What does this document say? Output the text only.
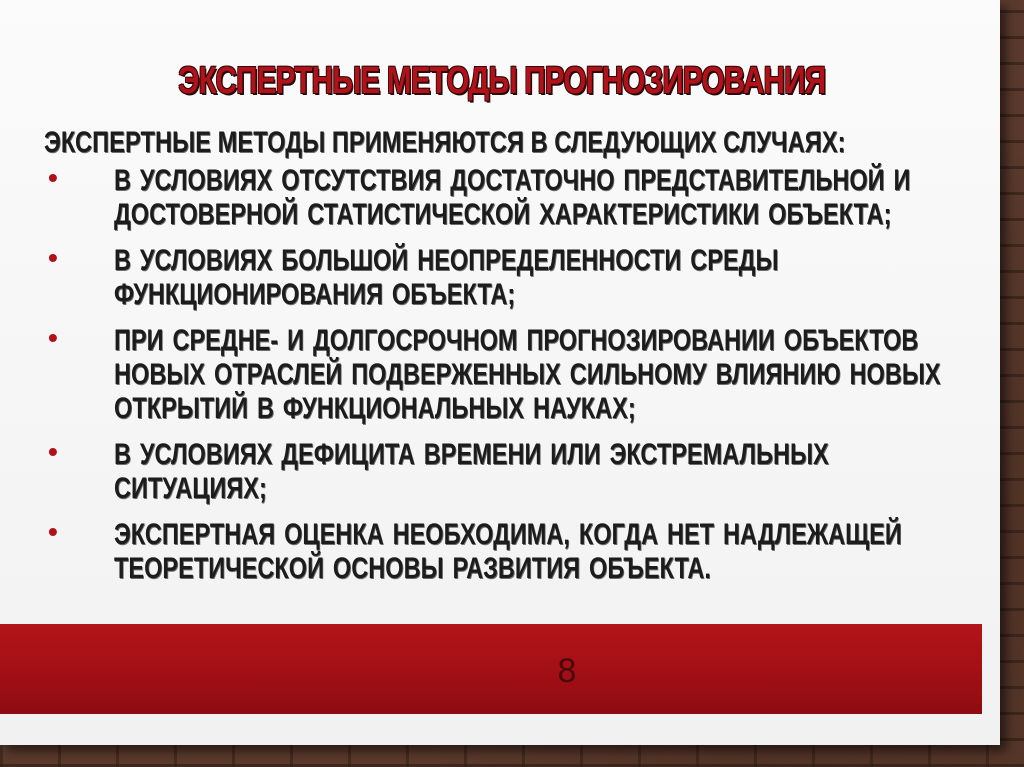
ЭКСПЕРТНЫЕ МЕТОДЫ ПРОГНОЗИРОВАНИЯ

ЭКСПЕРТНЫЕ МЕТОДЫ ПРИМЕНЯЮТСЯ В СЛЕДУЮЩИХ СЛУЧАЯХ:

• В УСЛОВИЯХ ОТСУТСТВИЯ ДОСТАТОЧНО ПРЕДСТАВИТЕЛЬНОЙ И ДОСТОВЕРНОЙ СТАТИСТИЧЕСКОЙ ХАРАКТЕРИСТИКИ ОБЪЕКТА;
• В УСЛОВИЯХ БОЛЬШОЙ НЕОПРЕДЕЛЕННОСТИ СРЕДЫ ФУНКЦИОНИРОВАНИЯ ОБЪЕКТА;
• ПРИ СРЕДНЕ- И ДОЛГОСРОЧНОМ ПРОГНОЗИРОВАНИИ ОБЪЕКТОВ НОВЫХ ОТРАСЛЕЙ ПОДВЕРЖЕННЫХ СИЛЬНОМУ ВЛИЯНИЮ НОВЫХ ОТКРЫТИЙ В ФУНКЦИОНАЛЬНЫХ НАУКАХ;
• В УСЛОВИЯХ ДЕФИЦИТА ВРЕМЕНИ ИЛИ ЭКСТРЕМАЛЬНЫХ СИТУАЦИЯХ;
• ЭКСПЕРТНАЯ ОЦЕНКА НЕОБХОДИМА, КОГДА НЕТ НАДЛЕЖАЩЕЙ ТЕОРЕТИЧЕСКОЙ ОСНОВЫ РАЗВИТИЯ ОБЪЕКТА.
8
